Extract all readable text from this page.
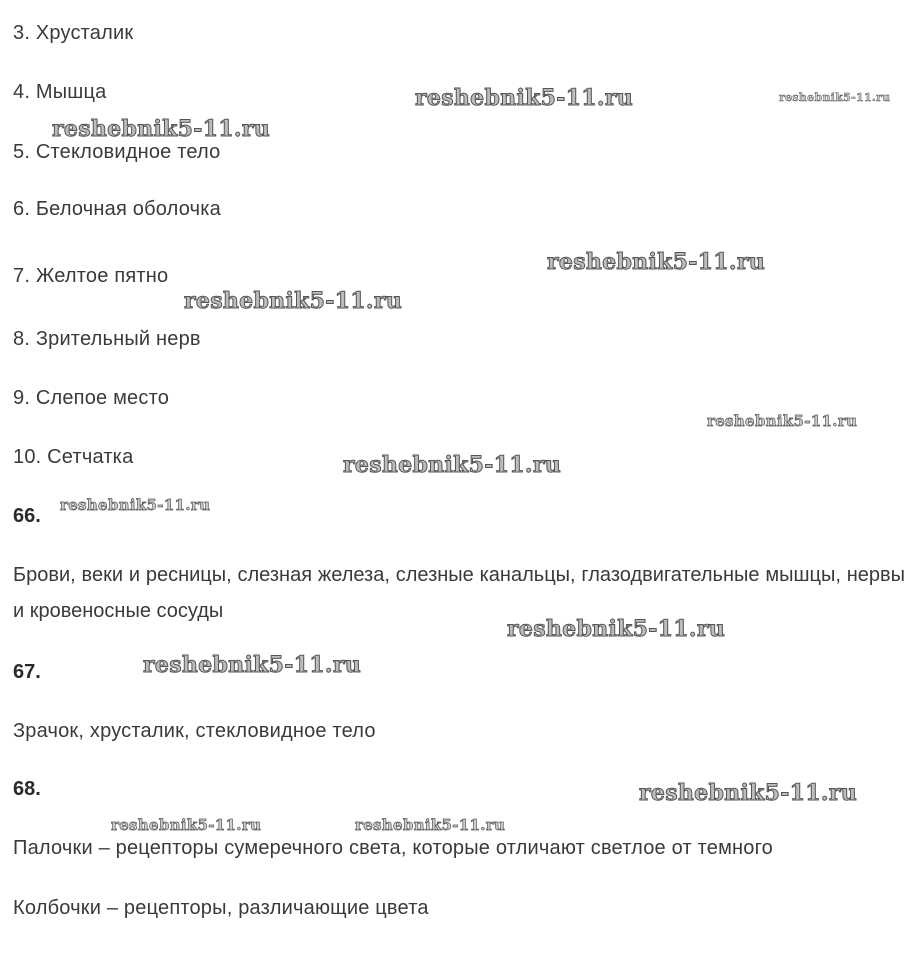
3. Хрусталик
4. Мышца
5. Стекловидное тело
6. Белочная оболочка
7. Желтое пятно
8. Зрительный нерв
9. Слепое место
10. Сетчатка
66.
Брови, веки и ресницы, слезная железа, слезные канальцы, глазодвигательные мышцы, нервы и кровеносные сосуды
67.
Зрачок, хрусталик, стекловидное тело
68.
Палочки – рецепторы сумеречного света, которые отличают светлое от темного
Колбочки – рецепторы, различающие цвета
reshebnik5-11.ru	reshebnik5-11.ru
reshebnik5-11.ru
reshebnik5-11.ru
reshebnik5-11.ru
reshebnik5-11.ru
reshebnik5-11.ru
reshebnik5-11.ru
reshebnik5-11.ru
reshebnik5-11.ru
reshebnik5-11.ru
reshebnik5-11.ru	reshebnik5-11.ru
